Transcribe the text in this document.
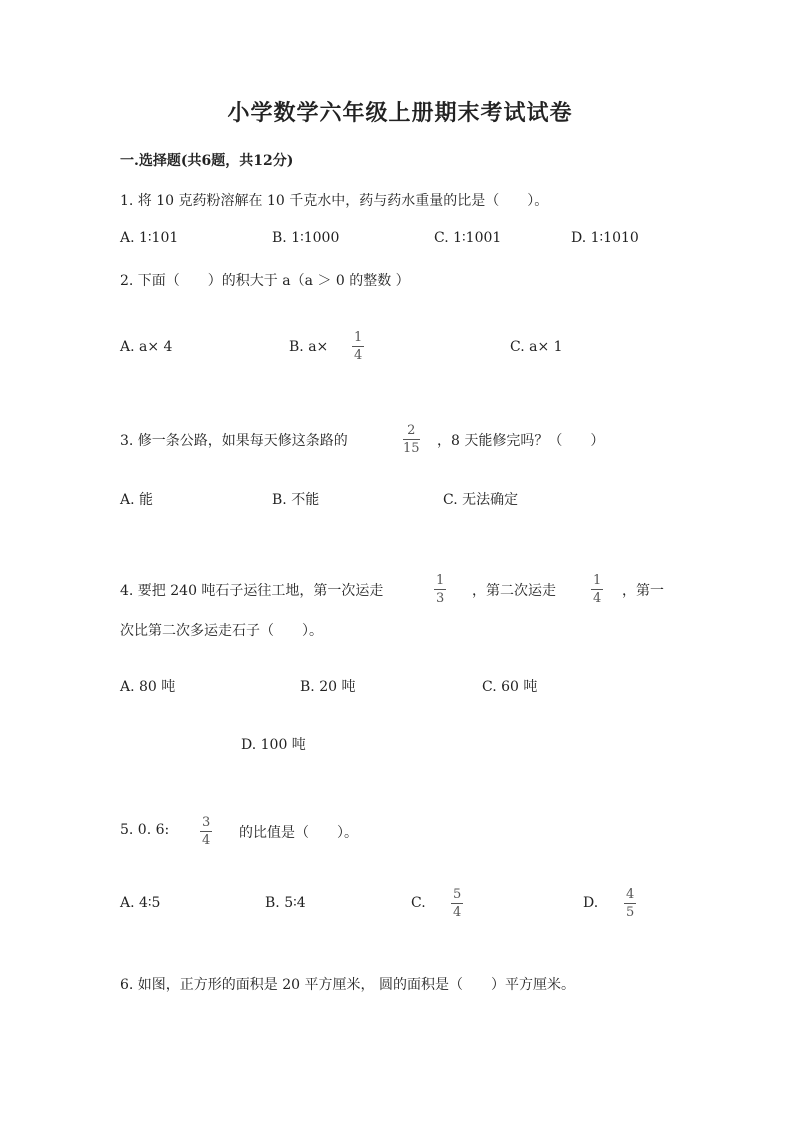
小学数学六年级上册期末考试试卷
一.选择题(共6题，共12分)
1. 将 10 克药粉溶解在 10 千克水中，药与药水重量的比是（　　）。
A. 1∶101	B. 1∶1000	C. 1∶1001	D. 1∶1010
2. 下面（　　）的积大于 a（a ＞ 0 的整数 ）
A. a× 4	B. a×
1
4
C. a× 1
3. 修一条公路，如果每天修这条路的
2
15 ，8 天能修完吗？（　　）
A. 能	B. 不能	C. 无法确定
4. 要把 240 吨石子运往工地，第一次运走
1
3 ，第二次运走
1
4 ，第一
次比第二次多运走石子（　　）。
A. 80 吨	B. 20 吨	C. 60 吨
D. 100 吨
5. 0. 6:	3
4 的比值是（　　）。
A. 4∶5	B. 5∶4	C.
5
4
D.
4
5
6. 如图，正方形的面积是 20 平方厘米， 圆的面积是（　　）平方厘米。
